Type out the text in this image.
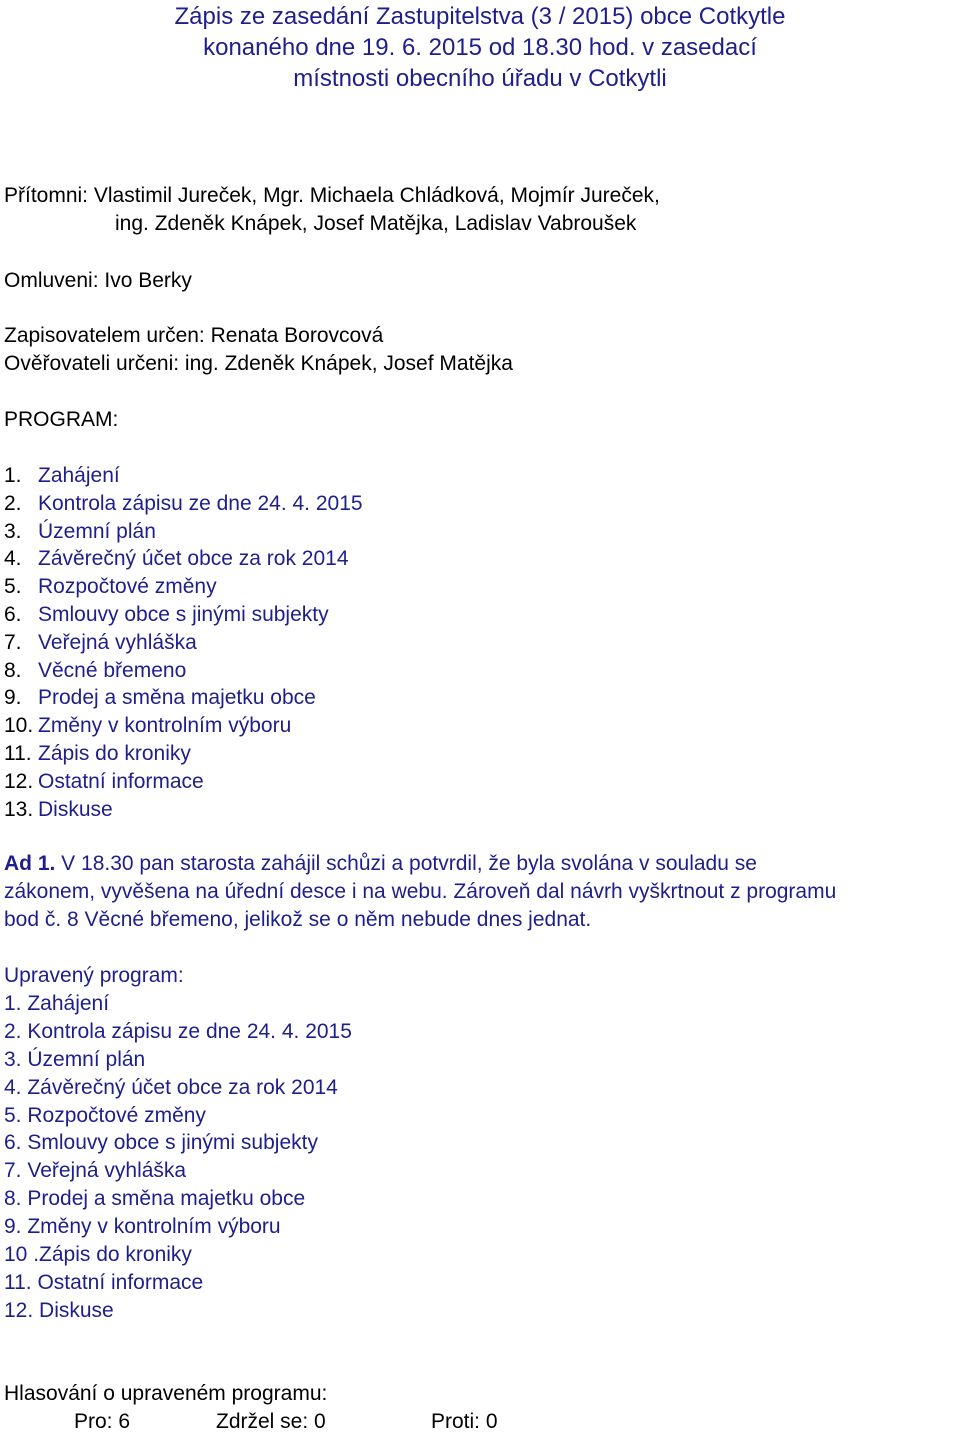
Zápis ze zasedání Zastupitelstva (3 / 2015) obce Cotkytle
konaného dne 19. 6. 2015 od 18.30 hod. v zasedací
místnosti obecního úřadu v Cotkytli
Přítomni: Vlastimil Jureček, Mgr. Michaela Chládková, Mojmír Jureček,
ing. Zdeněk Knápek, Josef Matějka, Ladislav Vabroušek
Omluveni: Ivo Berky
Zapisovatelem určen: Renata Borovcová
Ověřovateli určeni: ing. Zdeněk Knápek, Josef Matějka
PROGRAM:
1. Zahájení
2. Kontrola zápisu ze dne 24. 4. 2015
3. Územní plán
4. Závěrečný účet obce za rok 2014
5. Rozpočtové změny
6. Smlouvy obce s jinými subjekty
7. Veřejná vyhláška
8. Věcné břemeno
9. Prodej a směna majetku obce
10. Změny v kontrolním výboru
11. Zápis do kroniky
12. Ostatní informace
13. Diskuse
Ad 1. V 18.30 pan starosta zahájil schůzi a potvrdil, že byla svolána v souladu se
zákonem, vyvěšena na úřední desce i na webu. Zároveň dal návrh vyškrtnout z programu
bod č. 8 Věcné břemeno, jelikož se o něm nebude dnes jednat.
Upravený program:
1. Zahájení
2. Kontrola zápisu ze dne 24. 4. 2015
3. Územní plán
4. Závěrečný účet obce za rok 2014
5. Rozpočtové změny
6. Smlouvy obce s jinými subjekty
7. Veřejná vyhláška
8. Prodej a směna majetku obce
9. Změny v kontrolním výboru
10 .Zápis do kroniky
11. Ostatní informace
12. Diskuse
Hlasování o upraveném programu:
Pro: 6	Zdržel se: 0	Proti: 0
